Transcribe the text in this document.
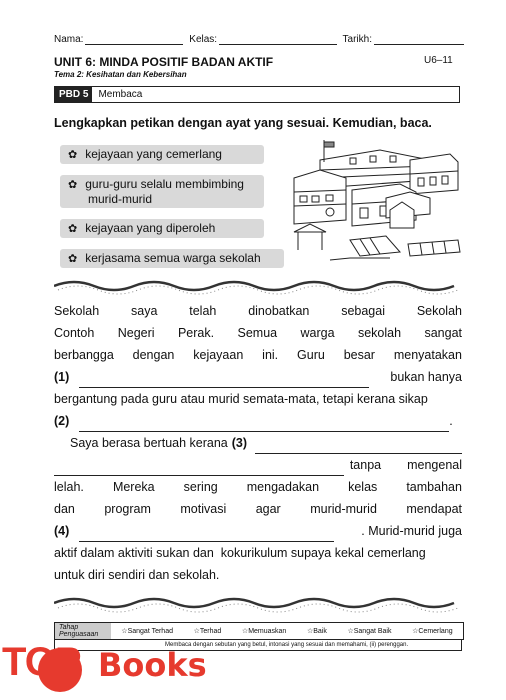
Nama:	Kelas:	Tarikh:
UNIT 6: MINDA POSITIF BADAN AKTIF	U6–11
Tema 2: Kesihatan dan Kebersihan
PBD 5	Membaca
Lengkapkan petikan dengan ayat yang sesuai. Kemudian, baca.
✿ kejayaan yang cemerlang
✿ guru-guru selalu membimbing
murid-murid
✿ kejayaan yang diperoleh
✿ kerjasama semua warga sekolah
Sekolah	saya	telah	dinobatkan	sebagai	Sekolah
Contoh Negeri Perak. Semua warga sekolah sangat
berbangga dengan kejayaan ini. Guru besar menyatakan
(1)	bukan hanya
bergantung pada guru atau murid semata-mata, tetapi kerana sikap
(2)	.
Saya berasa bertuah kerana (3)
tanpa mengenal
lelah. Mereka sering mengadakan kelas tambahan
dan program motivasi agar murid-murid mendapat
(4)	. Murid-murid juga
aktif dalam aktiviti sukan dan  kokurikulum supaya kekal cemerlang
untuk diri sendiri dan sekolah.
Tahap
Penguasaan	☆Sangat Terhad	☆Terhad	☆Memuaskan	☆Baik	☆Sangat Baik	☆Cemerlang
Membaca dengan sebutan yang betul, intonasi yang sesuai dan memahami, (ii) perenggan.
TOP Books
